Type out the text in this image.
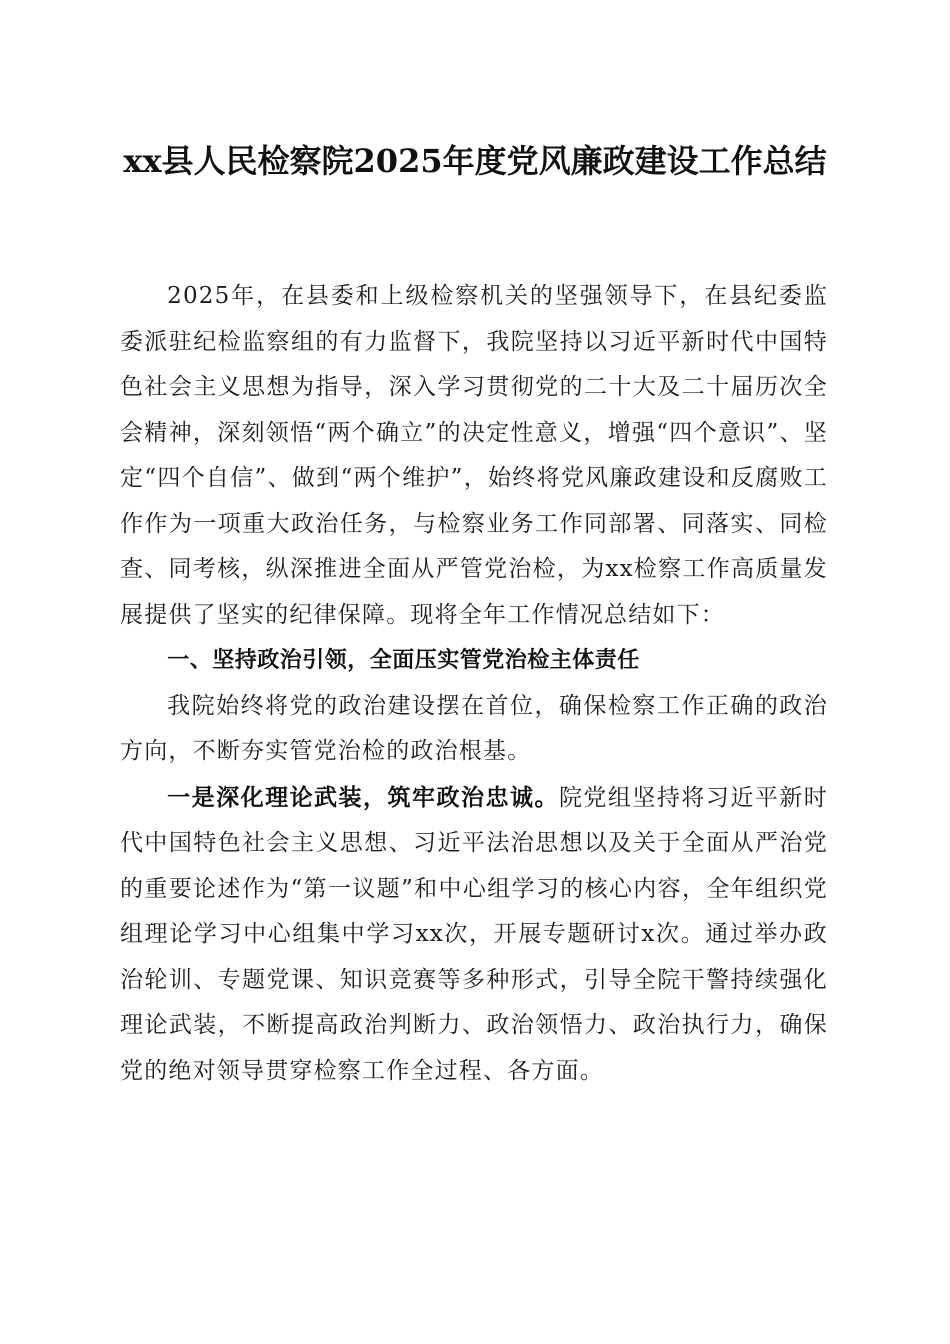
xx县人民检察院2025年度党风廉政建设工作总结

2025年，在县委和上级检察机关的坚强领导下，在县纪委监委派驻纪检监察组的有力监督下，我院坚持以习近平新时代中国特色社会主义思想为指导，深入学习贯彻党的二十大及二十届历次全会精神，深刻领悟“两个确立”的决定性意义，增强“四个意识”、坚定“四个自信”、做到“两个维护”，始终将党风廉政建设和反腐败工作作为一项重大政治任务，与检察业务工作同部署、同落实、同检查、同考核，纵深推进全面从严管党治检，为xx检察工作高质量发展提供了坚实的纪律保障。现将全年工作情况总结如下：

一、坚持政治引领，全面压实管党治检主体责任

我院始终将党的政治建设摆在首位，确保检察工作正确的政治方向，不断夯实管党治检的政治根基。

一是深化理论武装，筑牢政治忠诚。院党组坚持将习近平新时代中国特色社会主义思想、习近平法治思想以及关于全面从严治党的重要论述作为“第一议题”和中心组学习的核心内容，全年组织党组理论学习中心组集中学习xx次，开展专题研讨x次。通过举办政治轮训、专题党课、知识竞赛等多种形式，引导全院干警持续强化理论武装，不断提高政治判断力、政治领悟力、政治执行力，确保党的绝对领导贯穿检察工作全过程、各方面。
